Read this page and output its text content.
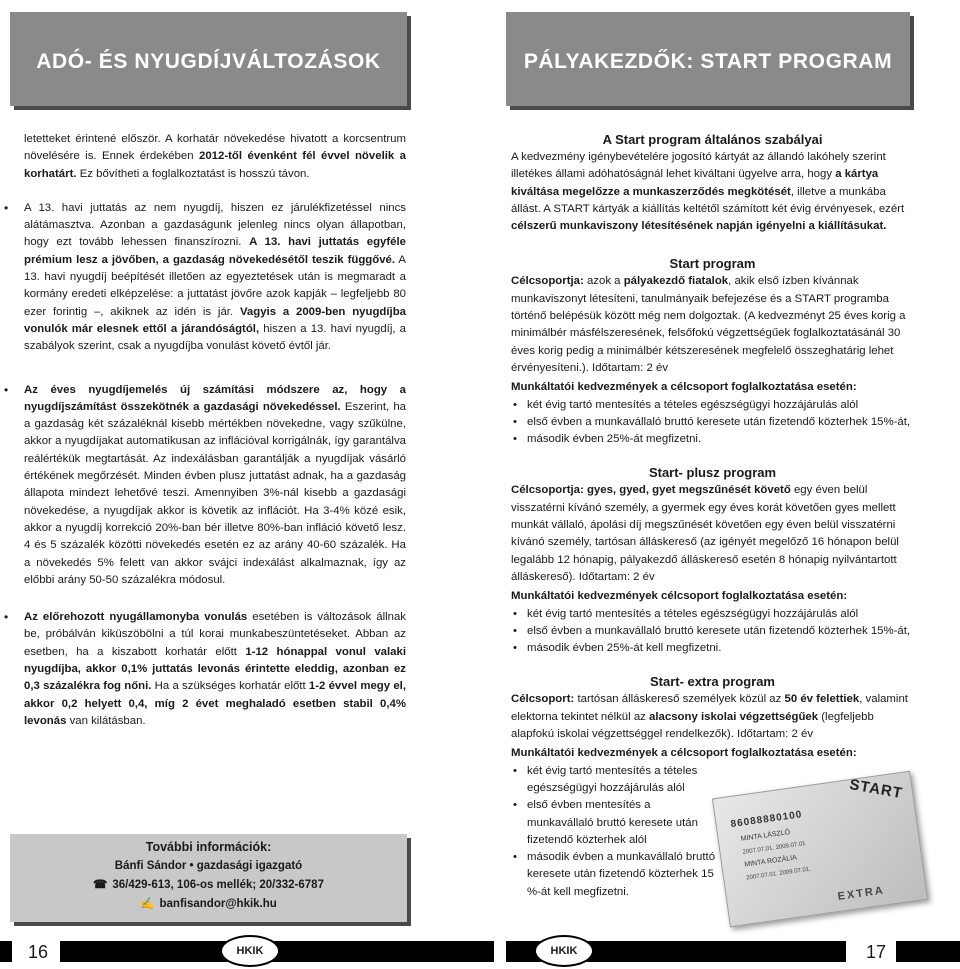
ADÓ- ÉS NYUGDÍJVÁLTOZÁSOK	PÁLYAKEZDŐK: START PROGRAM

letetteket érintené először. A korhatár növekedése hivatott a korcsentrum növelésére is. Ennek érdekében 2012-től évenként fél évvel növelik a korhatárt. Ez bővítheti a foglalkoztatást is hosszú távon.

• A 13. havi juttatás az nem nyugdíj, hiszen ez járulékfizetéssel nincs alátámasztva. Azonban a gazdaságunk jelenleg nincs olyan állapotban, hogy ezt tovább lehessen finanszírozni. A 13. havi juttatás egyféle prémium lesz a jövőben, a gazdaság növekedésétől teszik függővé. A 13. havi nyugdíj beépítését illetően az egyeztetések után is megmaradt a kormány eredeti elképzelése: a juttatást jövőre azok kapják – legfeljebb 80 ezer forintig –, akiknek az idén is jár. Vagyis a 2009-ben nyugdíjba vonulók már elesnek ettől a járandóságtól, hiszen a 13. havi nyugdíj, a szabályok szerint, csak a nyugdíjba vonulást követő évtől jár.

• Az éves nyugdíjemelés új számítási módszere az, hogy a nyugdíjszámítást összekötnék a gazdasági növekedéssel. Eszerint, ha a gazdaság két százaléknál kisebb mértékben növekedne, vagy szűkülne, akkor a nyugdíjakat automatikusan az inflációval korrigálnák, így garantálva reálértékük megtartását. Az indexálásban garantálják a nyugdíjak vásárló értékének megőrzését. Minden évben plusz juttatást adnak, ha a gazdaság állapota mindezt lehetővé teszi. Amennyiben 3%-nál kisebb a gazdasági növekedése, a nyugdíjak akkor is követik az inflációt. Ha 3-4% közé esik, akkor a nyugdíj korrekció 20%-ban bér illetve 80%-ban infláció követő lesz. 4 és 5 százalék közötti növekedés esetén ez az arány 40-60 százalék. Ha a növekedés 5% felett van akkor svájci indexálást alkalmaznak, így az előbbi arány 50-50 százalékra módosul.

• Az előrehozott nyugállamonyba vonulás esetében is változások állnak be, próbálván kiküszöbölni a túl korai munkabeszüntetéseket. Abban az esetben, ha a kiszabott korhatár előtt 1-12 hónappal vonul valaki nyugdíjba, akkor 0,1% juttatás levonás érintette eleddig, azonban ez 0,3 százalékra fog nőni. Ha a szükséges korhatár előtt 1-2 évvel megy el, akkor 0,2 helyett 0,4, míg 2 évet meghaladó esetben stabil 0,4% levonás van kilátásban.

További információk:
Bánfi Sándor • gazdasági igazgató
☎ 36/429-613, 106-os mellék; 20/332-6787
✍ banfisandor@hkik.hu
A Start program általános szabályai

A kedvezmény igénybevételére jogosító kártyát az állandó lakóhely szerint illetékes állami adóhatóságnál lehet kiváltani ügyelve arra, hogy a kártya kiváltása megelőzze a munkaszerződés megkötését, illetve a munkába állást. A START kártyák a kiállítás keltétől számított két évig érvényesek, ezért célszerű munkaviszony létesítésének napján igényelni a kiállításukat.

Start program

Célcsoportja: azok a pályakezdő fiatalok, akik első ízben kívánnak munkaviszonyt létesíteni, tanulmányaik befejezése és a START programba történő belépésük között még nem dolgoztak. (A kedvezményt 25 éves korig a minimálbér másfélszeresének, felsőfokú végzettségűek foglalkoztatásánál 30 éves korig pedig a minimálbér kétszeresének megfelelő összeghatárig lehet érvényesíteni.). Időtartam: 2 év

Munkáltatói kedvezmények a célcsoport foglalkoztatása esetén:
• két évig tartó mentesítés a tételes egészségügyi hozzájárulás alól
• első évben a munkavállaló bruttó keresete után fizetendő közterhek 15%-át,
• második évben 25%-át megfizetni.
Start- plusz program

Célcsoportja: gyes, gyed, gyet megszűnését követő egy éven belül visszatérni kívánó személy, a gyermek egy éves korát követően gyes mellett munkát vállaló, ápolási díj megszűnését követően egy éven belül visszatérni kívánó személy, tartósan álláskereső (az igényét megelőző 16 hónapon belül legalább 12 hónapig, pályakezdő álláskereső esetén 8 hónapig nyilvántartott álláskereső). Időtartam: 2 év

Munkáltatói kedvezmények célcsoport foglalkoztatása esetén:
• két évig tartó mentesítés a tételes egészségügyi hozzájárulás alól
• első évben a munkavállaló bruttó keresete után fizetendő közterhek 15%-át,
• második évben 25%-át kell megfizetni.
Start- extra program

Célcsoport: tartósan álláskereső személyek közül az 50 év felettiek, valamint elektorna tekintet nélkül az alacsony iskolai végzettségűek (legfeljebb alapfokú iskolai végzettséggel rendelkezők). Időtartam: 2 év

Munkáltatói kedvezmények a célcsoport foglalkoztatása esetén:
• két évig tartó mentesítés a tételes egészségügyi hozzájárulás alól
• első évben mentesítés a munkavállaló bruttó keresete után fizetendő közterhek alól
• második évben a munkavállaló bruttó keresete után fizetendő közterhek 15 %-át kell megfizetni.
START
86088880100
MINTA LÁSZLÓ
2007.07.01. 2009.07.01
MINTA ROZÁLIA
2007.07.01. 2009.07.01.
EXTRA
16	17
HKIK	HKIK
